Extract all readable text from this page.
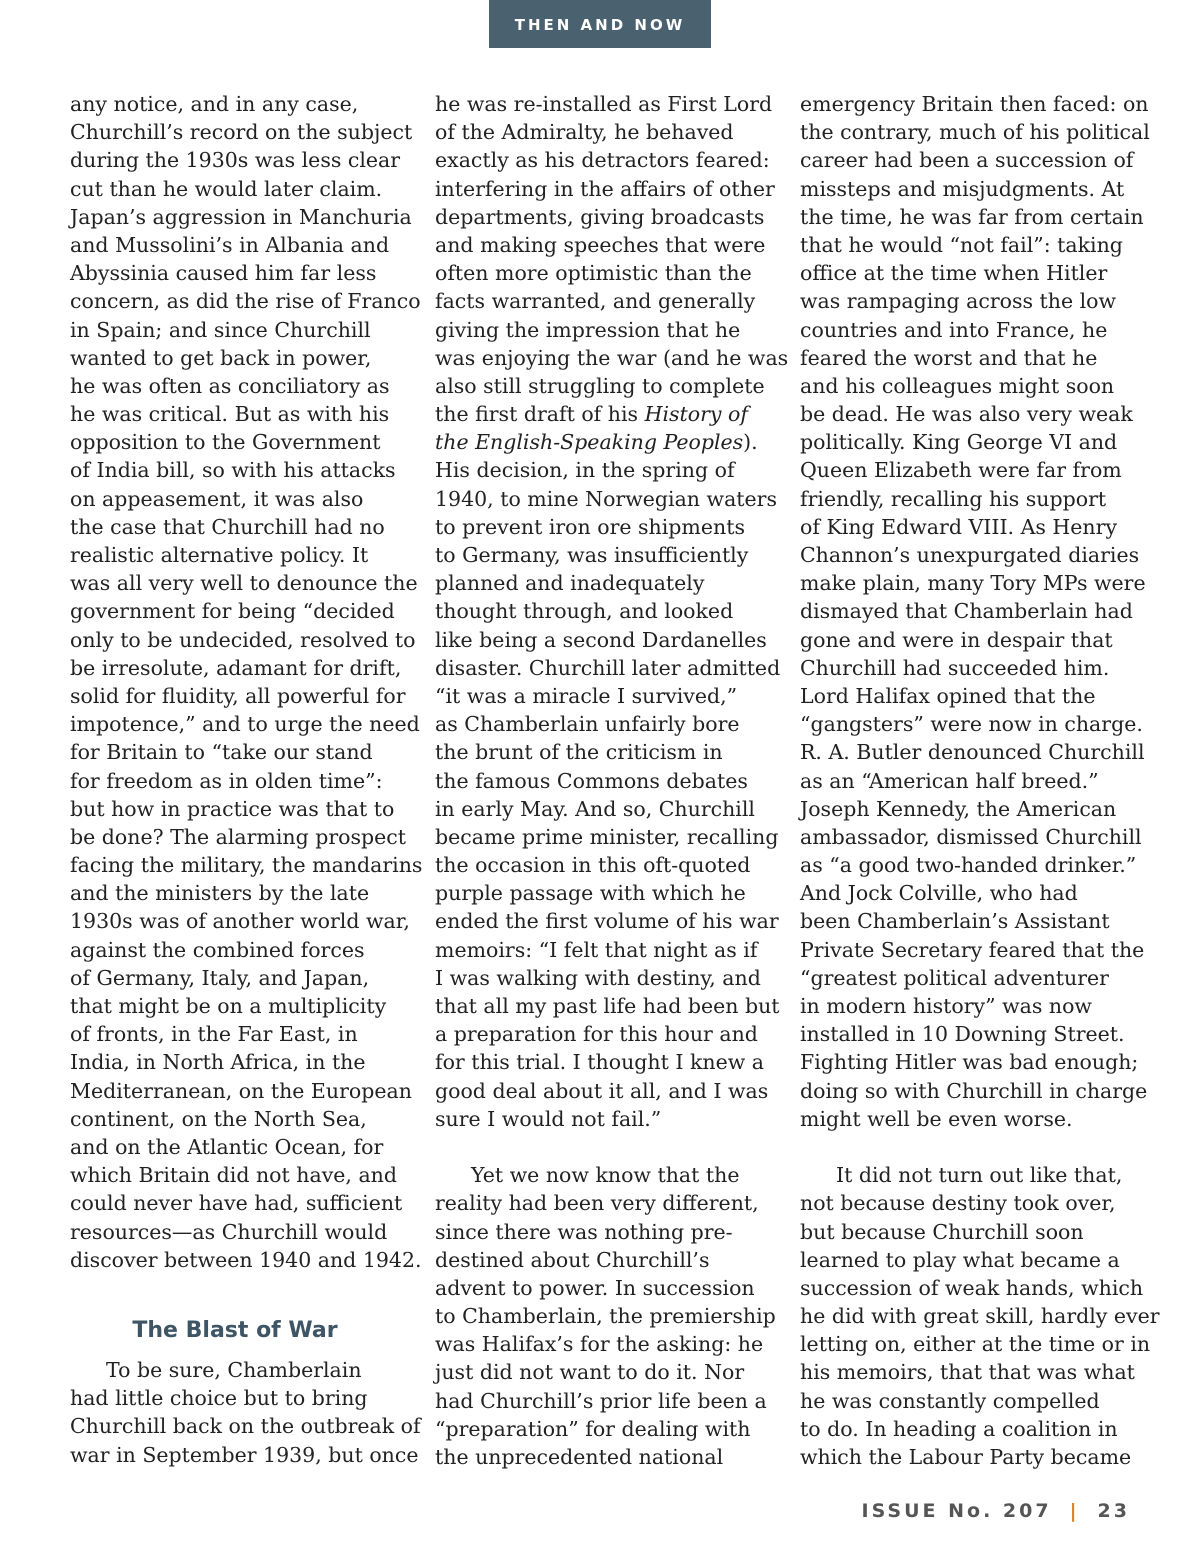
THEN AND NOW
any notice, and in any case,
Churchill’s record on the subject
during the 1930s was less clear
cut than he would later claim.
Japan’s aggression in Manchuria
and Mussolini’s in Albania and
Abyssinia caused him far less
concern, as did the rise of Franco
in Spain; and since Churchill
wanted to get back in power,
he was often as conciliatory as
he was critical. But as with his
opposition to the Government
of India bill, so with his attacks
on appeasement, it was also
the case that Churchill had no
realistic alternative policy. It
was all very well to denounce the
government for being “decided
only to be undecided, resolved to
be irresolute, adamant for drift,
solid for fluidity, all powerful for
impotence,” and to urge the need
for Britain to “take our stand
for freedom as in olden time”:
but how in practice was that to
be done? The alarming prospect
facing the military, the mandarins
and the ministers by the late
1930s was of another world war,
against the combined forces
of Germany, Italy, and Japan,
that might be on a multiplicity
of fronts, in the Far East, in
India, in North Africa, in the
Mediterranean, on the European
continent, on the North Sea,
and on the Atlantic Ocean, for
which Britain did not have, and
could never have had, sufficient
resources—as Churchill would
discover between 1940 and 1942.
The Blast of War
To be sure, Chamberlain
had little choice but to bring
Churchill back on the outbreak of
war in September 1939, but once
he was re-installed as First Lord
of the Admiralty, he behaved
exactly as his detractors feared:
interfering in the affairs of other
departments, giving broadcasts
and making speeches that were
often more optimistic than the
facts warranted, and generally
giving the impression that he
was enjoying the war (and he was
also still struggling to complete
the first draft of his History of
the English-Speaking Peoples).
His decision, in the spring of
1940, to mine Norwegian waters
to prevent iron ore shipments
to Germany, was insufficiently
planned and inadequately
thought through, and looked
like being a second Dardanelles
disaster. Churchill later admitted
“it was a miracle I survived,”
as Chamberlain unfairly bore
the brunt of the criticism in
the famous Commons debates
in early May. And so, Churchill
became prime minister, recalling
the occasion in this oft-quoted
purple passage with which he
ended the first volume of his war
memoirs: “I felt that night as if
I was walking with destiny, and
that all my past life had been but
a preparation for this hour and
for this trial. I thought I knew a
good deal about it all, and I was
sure I would not fail.”
Yet we now know that the
reality had been very different,
since there was nothing pre-
destined about Churchill’s
advent to power. In succession
to Chamberlain, the premiership
was Halifax’s for the asking: he
just did not want to do it. Nor
had Churchill’s prior life been a
“preparation” for dealing with
the unprecedented national
emergency Britain then faced: on
the contrary, much of his political
career had been a succession of
missteps and misjudgments. At
the time, he was far from certain
that he would “not fail”: taking
office at the time when Hitler
was rampaging across the low
countries and into France, he
feared the worst and that he
and his colleagues might soon
be dead. He was also very weak
politically. King George VI and
Queen Elizabeth were far from
friendly, recalling his support
of King Edward VIII. As Henry
Channon’s unexpurgated diaries
make plain, many Tory MPs were
dismayed that Chamberlain had
gone and were in despair that
Churchill had succeeded him.
Lord Halifax opined that the
“gangsters” were now in charge.
R. A. Butler denounced Churchill
as an “American half breed.”
Joseph Kennedy, the American
ambassador, dismissed Churchill
as “a good two-handed drinker.”
And Jock Colville, who had
been Chamberlain’s Assistant
Private Secretary feared that the
“greatest political adventurer
in modern history” was now
installed in 10 Downing Street.
Fighting Hitler was bad enough;
doing so with Churchill in charge
might well be even worse.
It did not turn out like that,
not because destiny took over,
but because Churchill soon
learned to play what became a
succession of weak hands, which
he did with great skill, hardly ever
letting on, either at the time or in
his memoirs, that that was what
he was constantly compelled
to do. In heading a coalition in
which the Labour Party became
ISSUE No. 207 | 23
